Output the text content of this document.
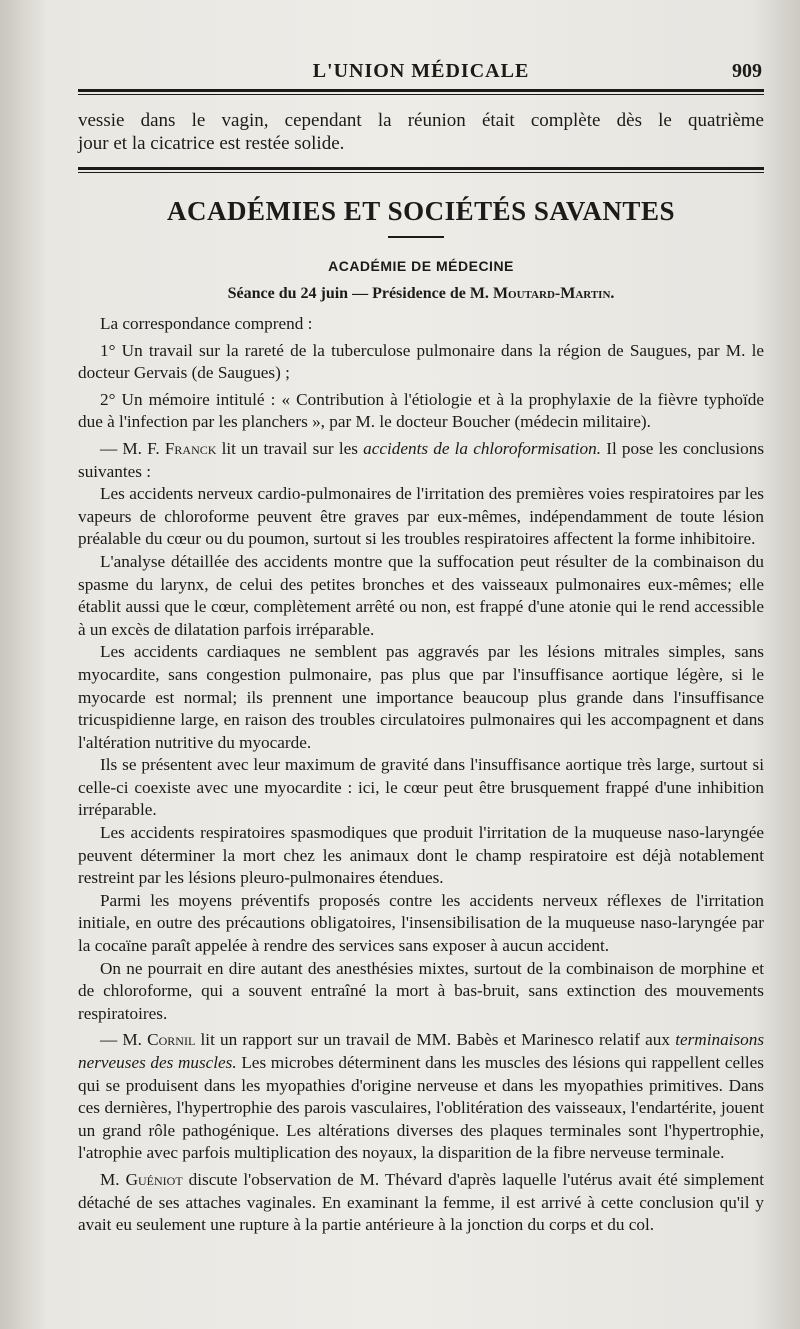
L'UNION MÉDICALE	909

vessie dans le vagin, cependant la réunion était complète dès le quatrième

jour et la cicatrice est restée solide.

ACADÉMIES ET SOCIÉTÉS SAVANTES
ACADÉMIE DE MÉDECINE
Séance du 24 juin — Présidence de M. Moutard-Martin.

La correspondance comprend :

1° Un travail sur la rareté de la tuberculose pulmonaire dans la région de Saugues, par M. le docteur Gervais (de Saugues) ;

2° Un mémoire intitulé : « Contribution à l'étiologie et à la prophylaxie de la fièvre typhoïde due à l'infection par les planchers », par M. le docteur Boucher (médecin militaire).

— M. F. Franck lit un travail sur les accidents de la chloroformisation. Il pose les conclusions suivantes :

Les accidents nerveux cardio-pulmonaires de l'irritation des premières voies respiratoires par les vapeurs de chloroforme peuvent être graves par eux-mêmes, indépendamment de toute lésion préalable du cœur ou du poumon, surtout si les troubles respiratoires affectent la forme inhibitoire.

L'analyse détaillée des accidents montre que la suffocation peut résulter de la combinaison du spasme du larynx, de celui des petites bronches et des vaisseaux pulmonaires eux-mêmes; elle établit aussi que le cœur, complètement arrêté ou non, est frappé d'une atonie qui le rend accessible à un excès de dilatation parfois irréparable.

Les accidents cardiaques ne semblent pas aggravés par les lésions mitrales simples, sans myocardite, sans congestion pulmonaire, pas plus que par l'insuffisance aortique légère, si le myocarde est normal; ils prennent une importance beaucoup plus grande dans l'insuffisance tricuspidienne large, en raison des troubles circulatoires pulmonaires qui les accompagnent et dans l'altération nutritive du myocarde.

Ils se présentent avec leur maximum de gravité dans l'insuffisance aortique très large, surtout si celle-ci coexiste avec une myocardite : ici, le cœur peut être brusquement frappé d'une inhibition irréparable.

Les accidents respiratoires spasmodiques que produit l'irritation de la muqueuse naso-laryngée peuvent déterminer la mort chez les animaux dont le champ respiratoire est déjà notablement restreint par les lésions pleuro-pulmonaires étendues.

Parmi les moyens préventifs proposés contre les accidents nerveux réflexes de l'irritation initiale, en outre des précautions obligatoires, l'insensibilisation de la muqueuse naso-laryngée par la cocaïne paraît appelée à rendre des services sans exposer à aucun accident.

On ne pourrait en dire autant des anesthésies mixtes, surtout de la combinaison de morphine et de chloroforme, qui a souvent entraîné la mort à bas-bruit, sans extinction des mouvements respiratoires.

— M. Cornil lit un rapport sur un travail de MM. Babès et Marinesco relatif aux terminaisons nerveuses des muscles. Les microbes déterminent dans les muscles des lésions qui rappellent celles qui se produisent dans les myopathies d'origine nerveuse et dans les myopathies primitives. Dans ces dernières, l'hypertrophie des parois vasculaires, l'oblitération des vaisseaux, l'endartérite, jouent un grand rôle pathogénique. Les altérations diverses des plaques terminales sont l'hypertrophie, l'atrophie avec parfois multiplication des noyaux, la disparition de la fibre nerveuse terminale.

M. Guéniot discute l'observation de M. Thévard d'après laquelle l'utérus avait été simplement détaché de ses attaches vaginales. En examinant la femme, il est arrivé à cette conclusion qu'il y avait eu seulement une rupture à la partie antérieure à la jonction du corps et du col.
